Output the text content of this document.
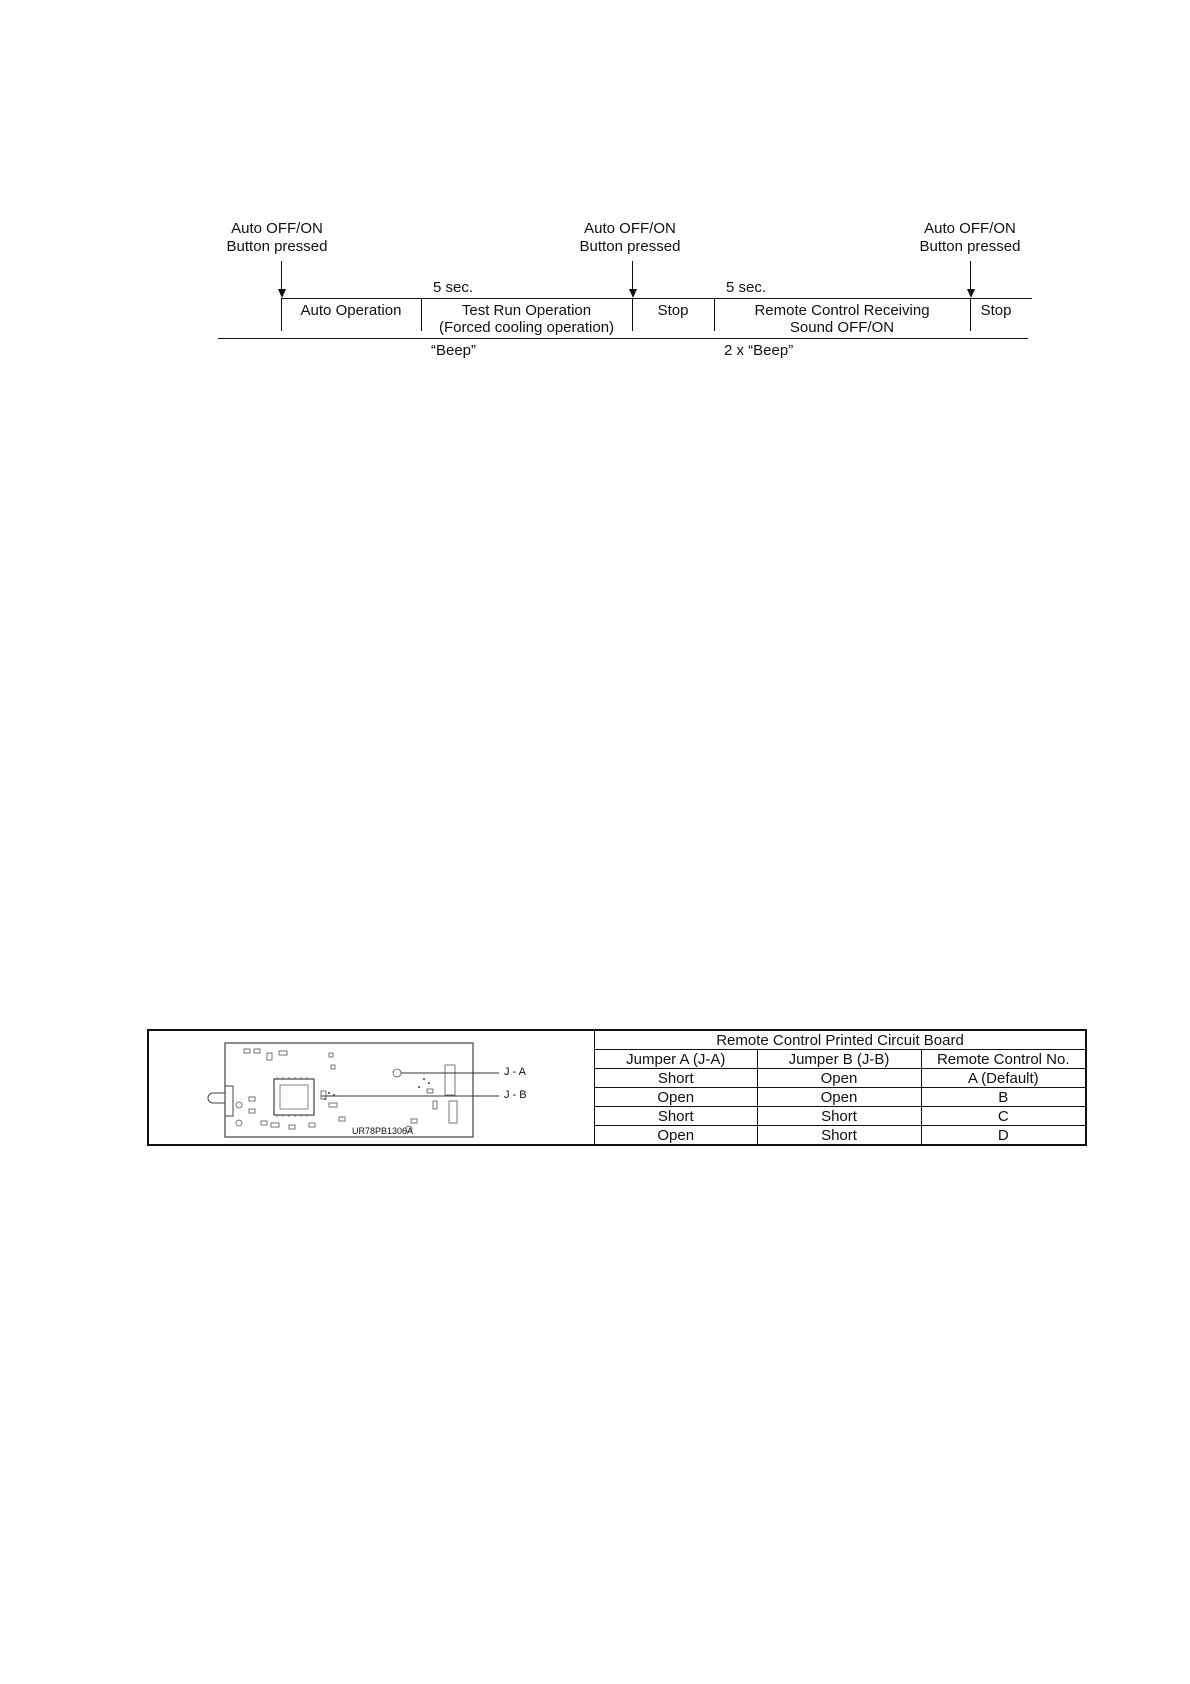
Auto OFF/ON
Button pressed
Auto OFF/ON
Button pressed
Auto OFF/ON
Button pressed
5 sec.	5 sec.
Auto Operation	Test Run Operation
(Forced cooling operation)
Stop	Remote Control Receiving
Sound OFF/ON
Stop
“Beep”	2 x “Beep”
J - A
J - B
UR78PB1306A
Remote Control Printed Circuit Board		
Jumper A (J-A)	Jumper B (J-B)	Remote Control No.
Short	Open	A (Default)
Open	Open	B
Short	Short	C
Open	Short	D
